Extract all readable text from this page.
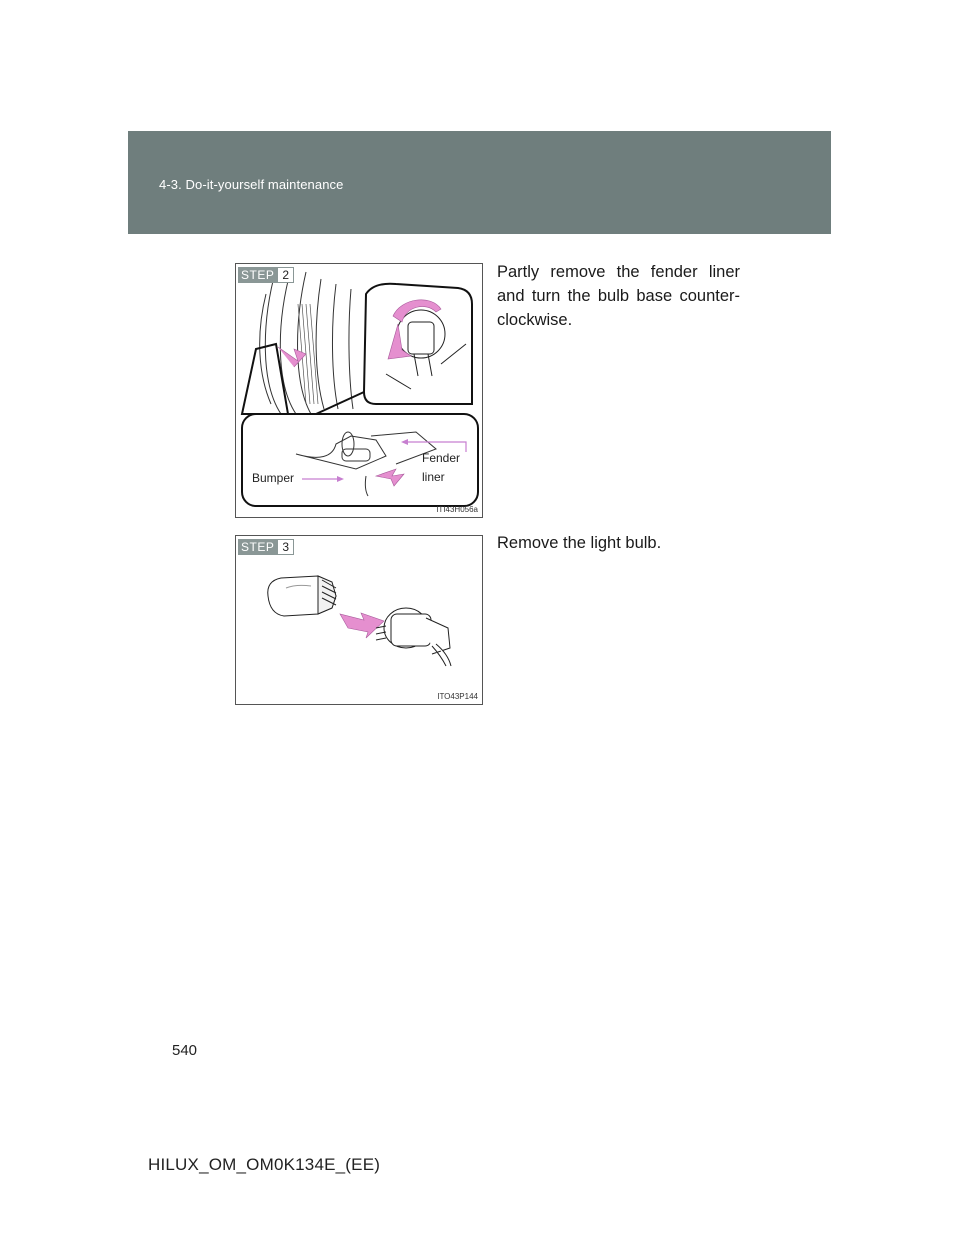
4-3. Do-it-yourself maintenance
STEP 2
Fender
liner
Bumper
ITI43H056a
Partly remove the fender liner and turn the bulb base counter-clockwise.
STEP 3
ITO43P144
Remove the light bulb.
540
HILUX_OM_OM0K134E_(EE)
